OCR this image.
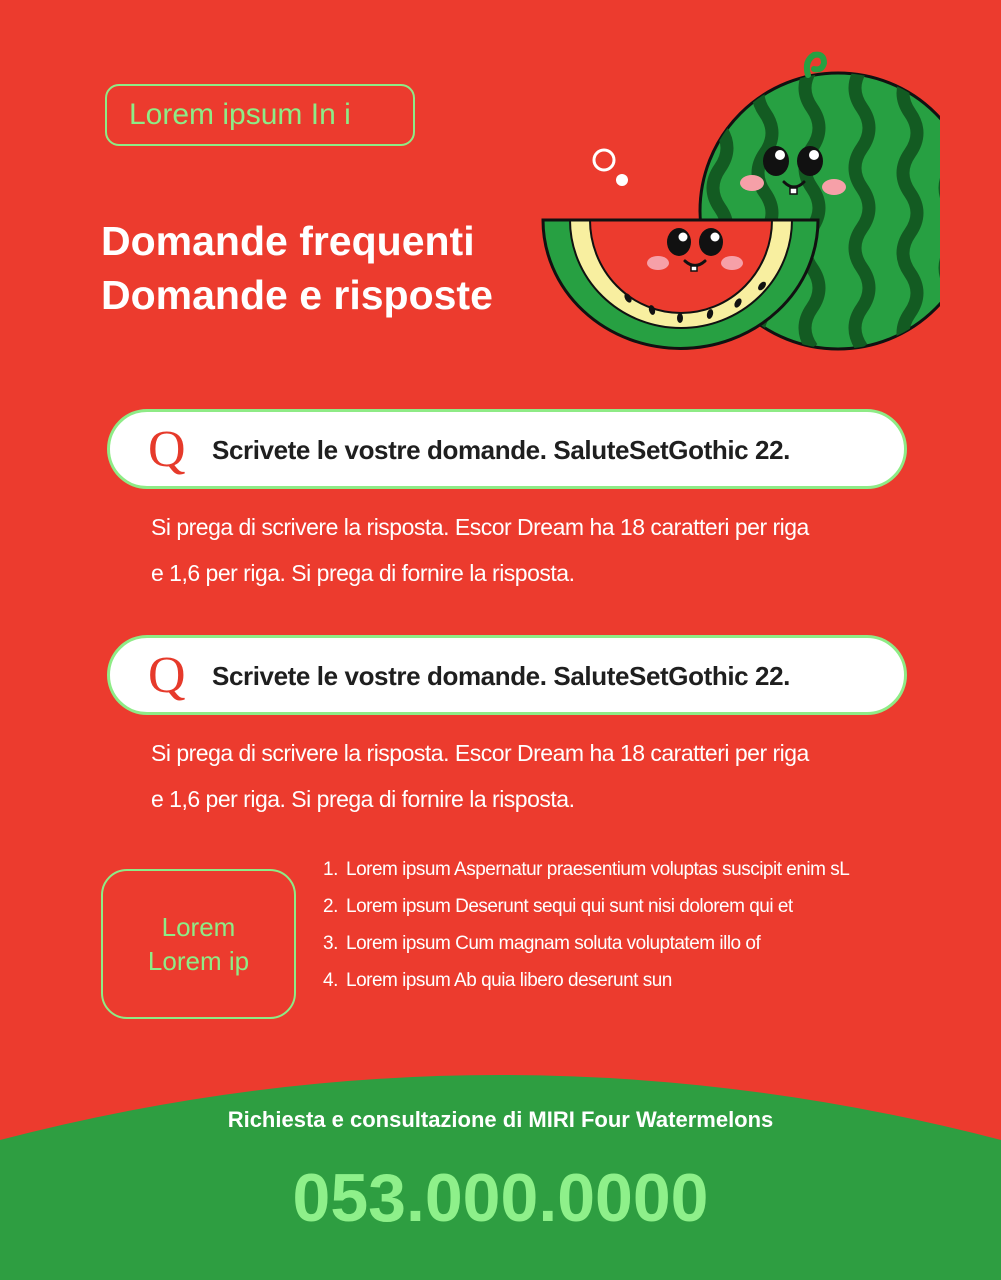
Lorem ipsum In i
Domande frequenti
Domande e risposte
Q Scrivete le vostre domande. SaluteSetGothic 22.
Si prega di scrivere la risposta. Escor Dream ha 18 caratteri per riga
e 1,6 per riga. Si prega di fornire la risposta.
Q Scrivete le vostre domande. SaluteSetGothic 22.
Si prega di scrivere la risposta. Escor Dream ha 18 caratteri per riga
e 1,6 per riga. Si prega di fornire la risposta.
Lorem
Lorem ip
1. Lorem ipsum Aspernatur praesentium voluptas suscipit enim sL
2. Lorem ipsum Deserunt sequi qui sunt nisi dolorem qui et
3. Lorem ipsum Cum magnam soluta voluptatem illo of
4. Lorem ipsum Ab quia libero deserunt sun
Richiesta e consultazione di MIRI Four Watermelons
053.000.0000
